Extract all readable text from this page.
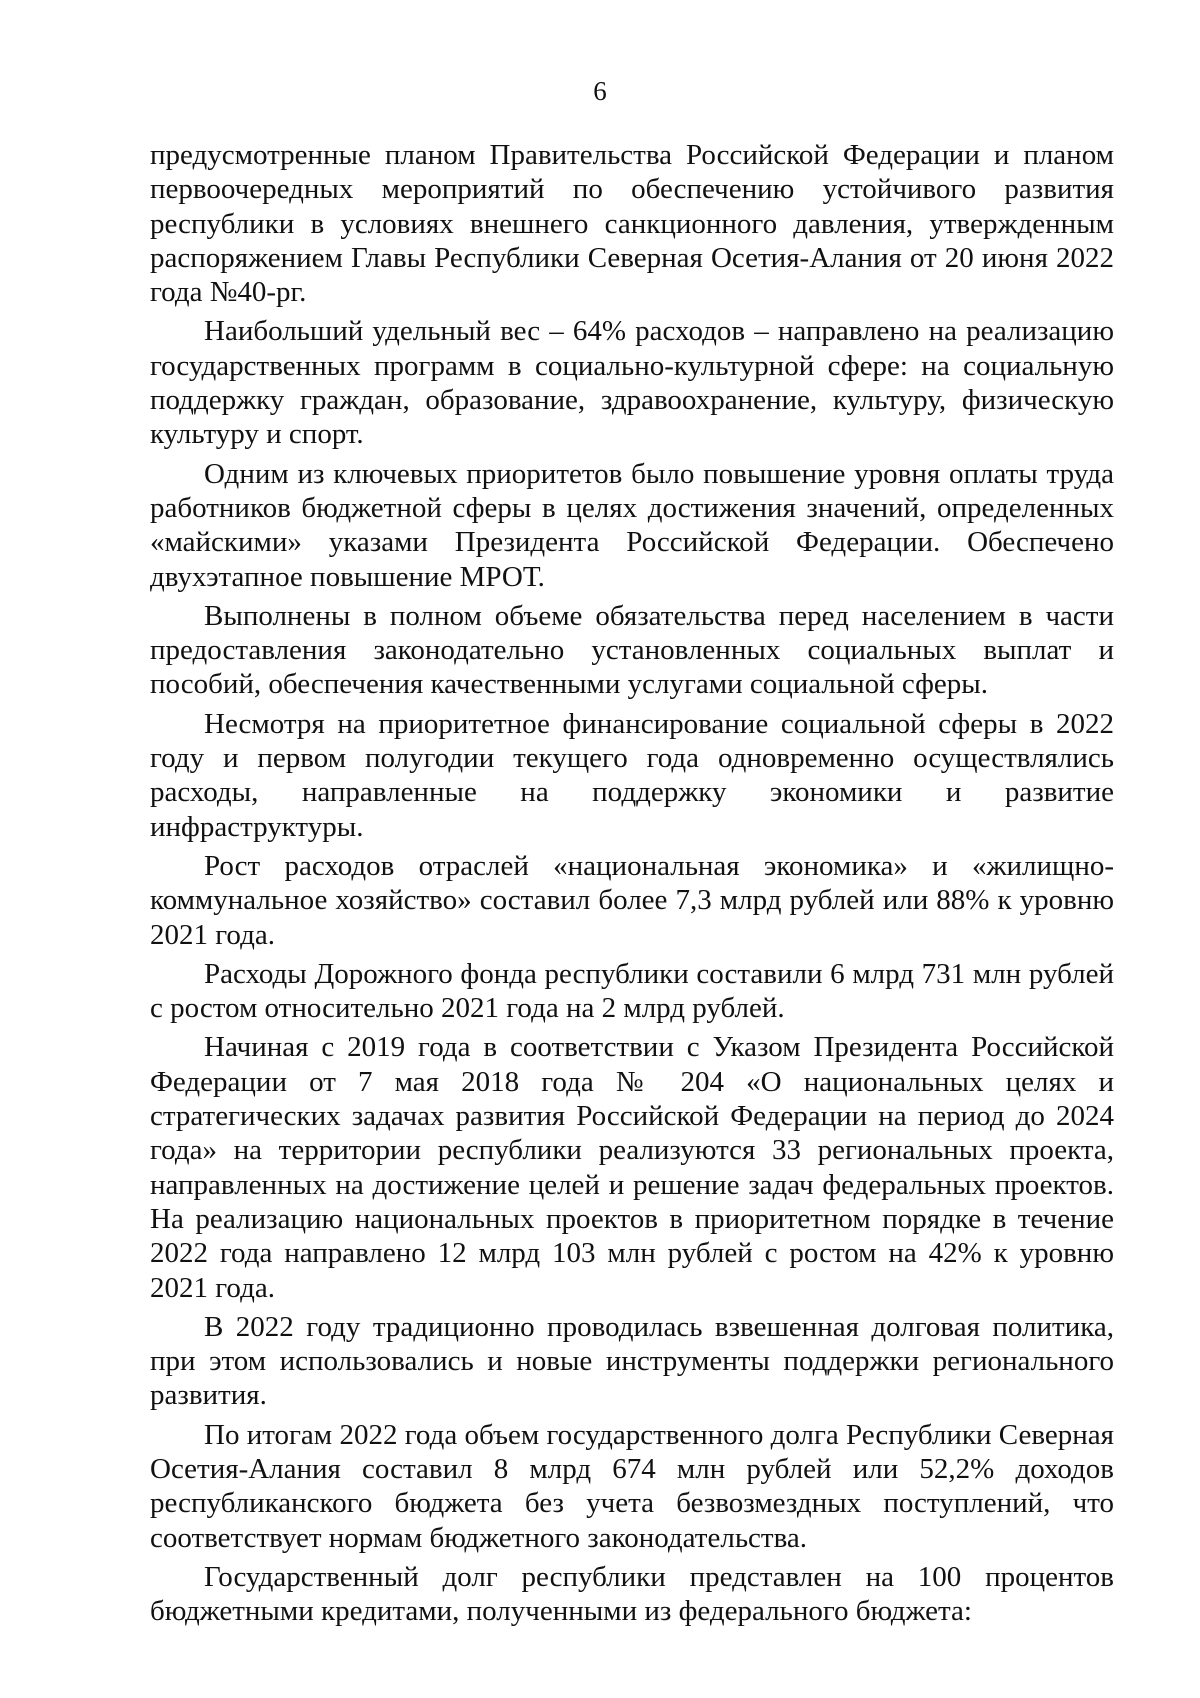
6

предусмотренные планом Правительства Российской Федерации и планом первоочередных мероприятий по обеспечению устойчивого развития республики в условиях внешнего санкционного давления, утвержденным распоряжением Главы Республики Северная Осетия-Алания от 20 июня 2022 года №40-рг.

Наибольший удельный вес – 64% расходов – направлено на реализацию государственных программ в социально-культурной сфере: на социальную поддержку граждан, образование, здравоохранение, культуру, физическую культуру и спорт.

Одним из ключевых приоритетов было повышение уровня оплаты труда работников бюджетной сферы в целях достижения значений, определенных «майскими» указами Президента Российской Федерации. Обеспечено двухэтапное повышение МРОТ.

Выполнены в полном объеме обязательства перед населением в части предоставления законодательно установленных социальных выплат и пособий, обеспечения качественными услугами социальной сферы.

Несмотря на приоритетное финансирование социальной сферы в 2022 году и первом полугодии текущего года одновременно осуществлялись расходы, направленные на поддержку экономики и развитие инфраструктуры.

Рост расходов отраслей «национальная экономика» и «жилищно-коммунальное хозяйство» составил более 7,3 млрд рублей или 88% к уровню 2021 года.

Расходы Дорожного фонда республики составили 6 млрд 731 млн рублей с ростом относительно 2021 года на 2 млрд рублей.

Начиная с 2019 года в соответствии с Указом Президента Российской Федерации от 7 мая 2018 года № 204 «О национальных целях и стратегических задачах развития Российской Федерации на период до 2024 года» на территории республики реализуются 33 региональных проекта, направленных на достижение целей и решение задач федеральных проектов. На реализацию национальных проектов в приоритетном порядке в течение 2022 года направлено 12 млрд 103 млн рублей с ростом на 42% к уровню 2021 года.

В 2022 году традиционно проводилась взвешенная долговая политика, при этом использовались и новые инструменты поддержки регионального развития.

По итогам 2022 года объем государственного долга Республики Северная Осетия-Алания составил 8 млрд 674 млн рублей или 52,2% доходов республиканского бюджета без учета безвозмездных поступлений, что соответствует нормам бюджетного законодательства.

Государственный долг республики представлен на 100 процентов бюджетными кредитами, полученными из федерального бюджета:
